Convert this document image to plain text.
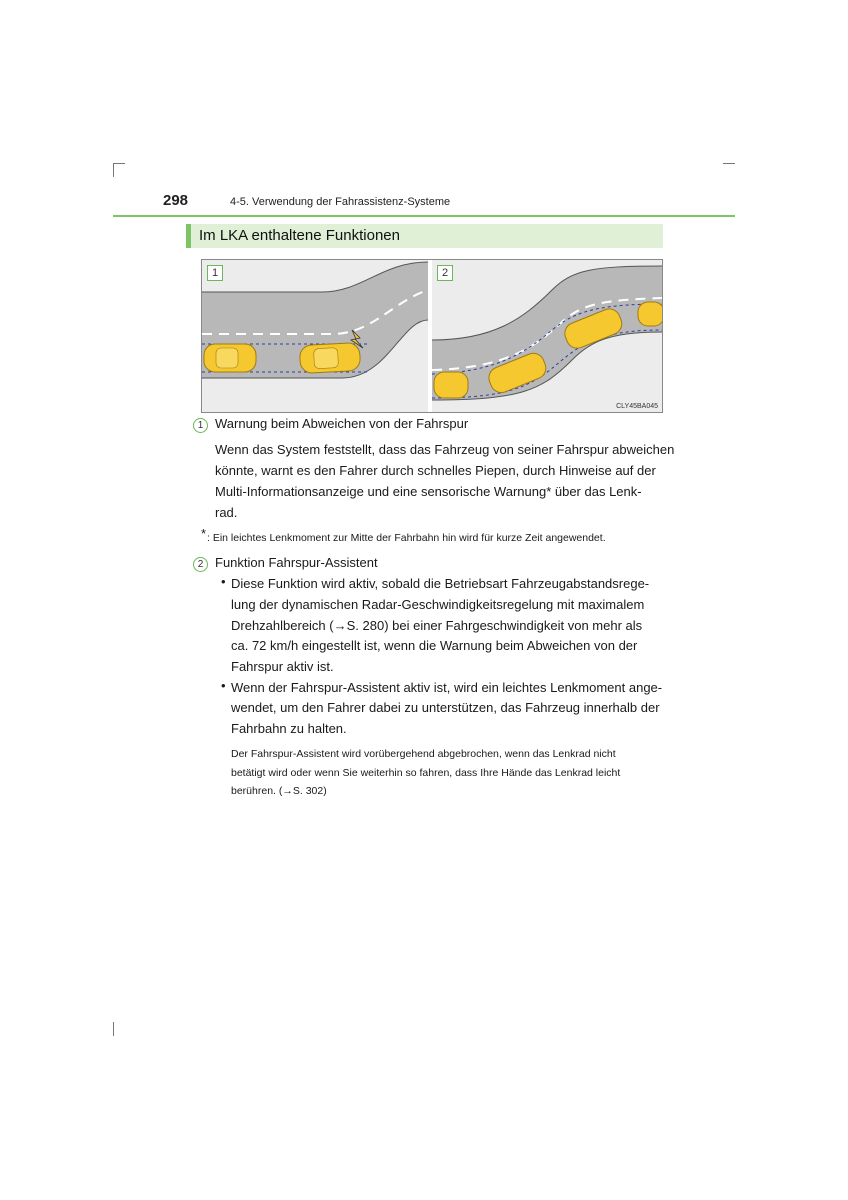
298	4-5. Verwendung der Fahrassistenz-Systeme
Im LKA enthaltene Funktionen
1	2
CLY45BA045
1 Warnung beim Abweichen von der Fahrspur
Wenn das System feststellt, dass das Fahrzeug von seiner Fahrspur abweichen
könnte, warnt es den Fahrer durch schnelles Piepen, durch Hinweise auf der
Multi-Informationsanzeige und eine sensorische Warnung* über das Lenk-
rad.
* : Ein leichtes Lenkmoment zur Mitte der Fahrbahn hin wird für kurze Zeit angewendet.
2 Funktion Fahrspur-Assistent
• Diese Funktion wird aktiv, sobald die Betriebsart Fahrzeugabstandsrege-
lung der dynamischen Radar-Geschwindigkeitsregelung mit maximalem
Drehzahlbereich (→S. 280) bei einer Fahrgeschwindigkeit von mehr als
ca. 72 km/h eingestellt ist, wenn die Warnung beim Abweichen von der
Fahrspur aktiv ist.
• Wenn der Fahrspur-Assistent aktiv ist, wird ein leichtes Lenkmoment ange-
wendet, um den Fahrer dabei zu unterstützen, das Fahrzeug innerhalb der
Fahrbahn zu halten.
Der Fahrspur-Assistent wird vorübergehend abgebrochen, wenn das Lenkrad nicht
betätigt wird oder wenn Sie weiterhin so fahren, dass Ihre Hände das Lenkrad leicht
berühren. (→S. 302)
